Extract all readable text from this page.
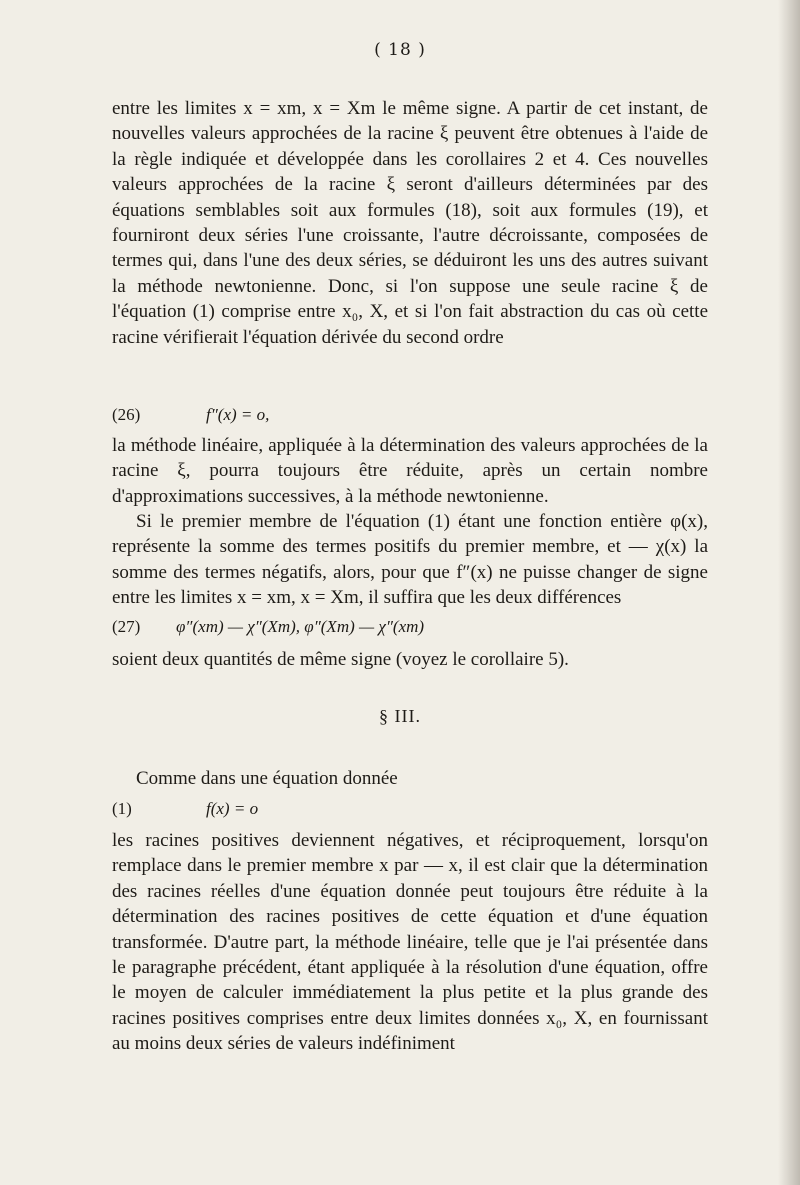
( 18 )

entre les limites x = xm, x = Xm le même signe. A partir de cet instant, de nouvelles valeurs approchées de la racine ξ peuvent être obtenues à l'aide de la règle indiquée et développée dans les corollaires 2 et 4. Ces nouvelles valeurs approchées de la racine ξ seront d'ailleurs déterminées par des équations semblables soit aux formules (18), soit aux formules (19), et fourniront deux séries l'une croissante, l'autre décroissante, composées de termes qui, dans l'une des deux séries, se déduiront les uns des autres suivant la méthode newtonienne. Donc, si l'on suppose une seule racine ξ de l'équation (1) comprise entre x₀, X, et si l'on fait abstraction du cas où cette racine vérifierait l'équation dérivée du second ordre

(26)	f″(x) = o,

la méthode linéaire, appliquée à la détermination des valeurs approchées de la racine ξ, pourra toujours être réduite, après un certain nombre d'approximations successives, à la méthode newtonienne.

Si le premier membre de l'équation (1) étant une fonction entière φ(x), représente la somme des termes positifs du premier membre, et — χ(x) la somme des termes négatifs, alors, pour que f″(x) ne puisse changer de signe entre les limites x = xm, x = Xm, il suffira que les deux différences

(27) φ″(xm) — χ″(Xm), φ″(Xm) — χ″(xm)

soient deux quantités de même signe (voyez le corollaire 5).

§ III.

Comme dans une équation donnée

(1)	f(x) = o

les racines positives deviennent négatives, et réciproquement, lorsqu'on remplace dans le premier membre x par — x, il est clair que la détermination des racines réelles d'une équation donnée peut toujours être réduite à la détermination des racines positives de cette équation et d'une équation transformée. D'autre part, la méthode linéaire, telle que je l'ai présentée dans le paragraphe précédent, étant appliquée à la résolution d'une équation, offre le moyen de calculer immédiatement la plus petite et la plus grande des racines positives comprises entre deux limites données x₀, X, en fournissant au moins deux séries de valeurs indéfiniment
